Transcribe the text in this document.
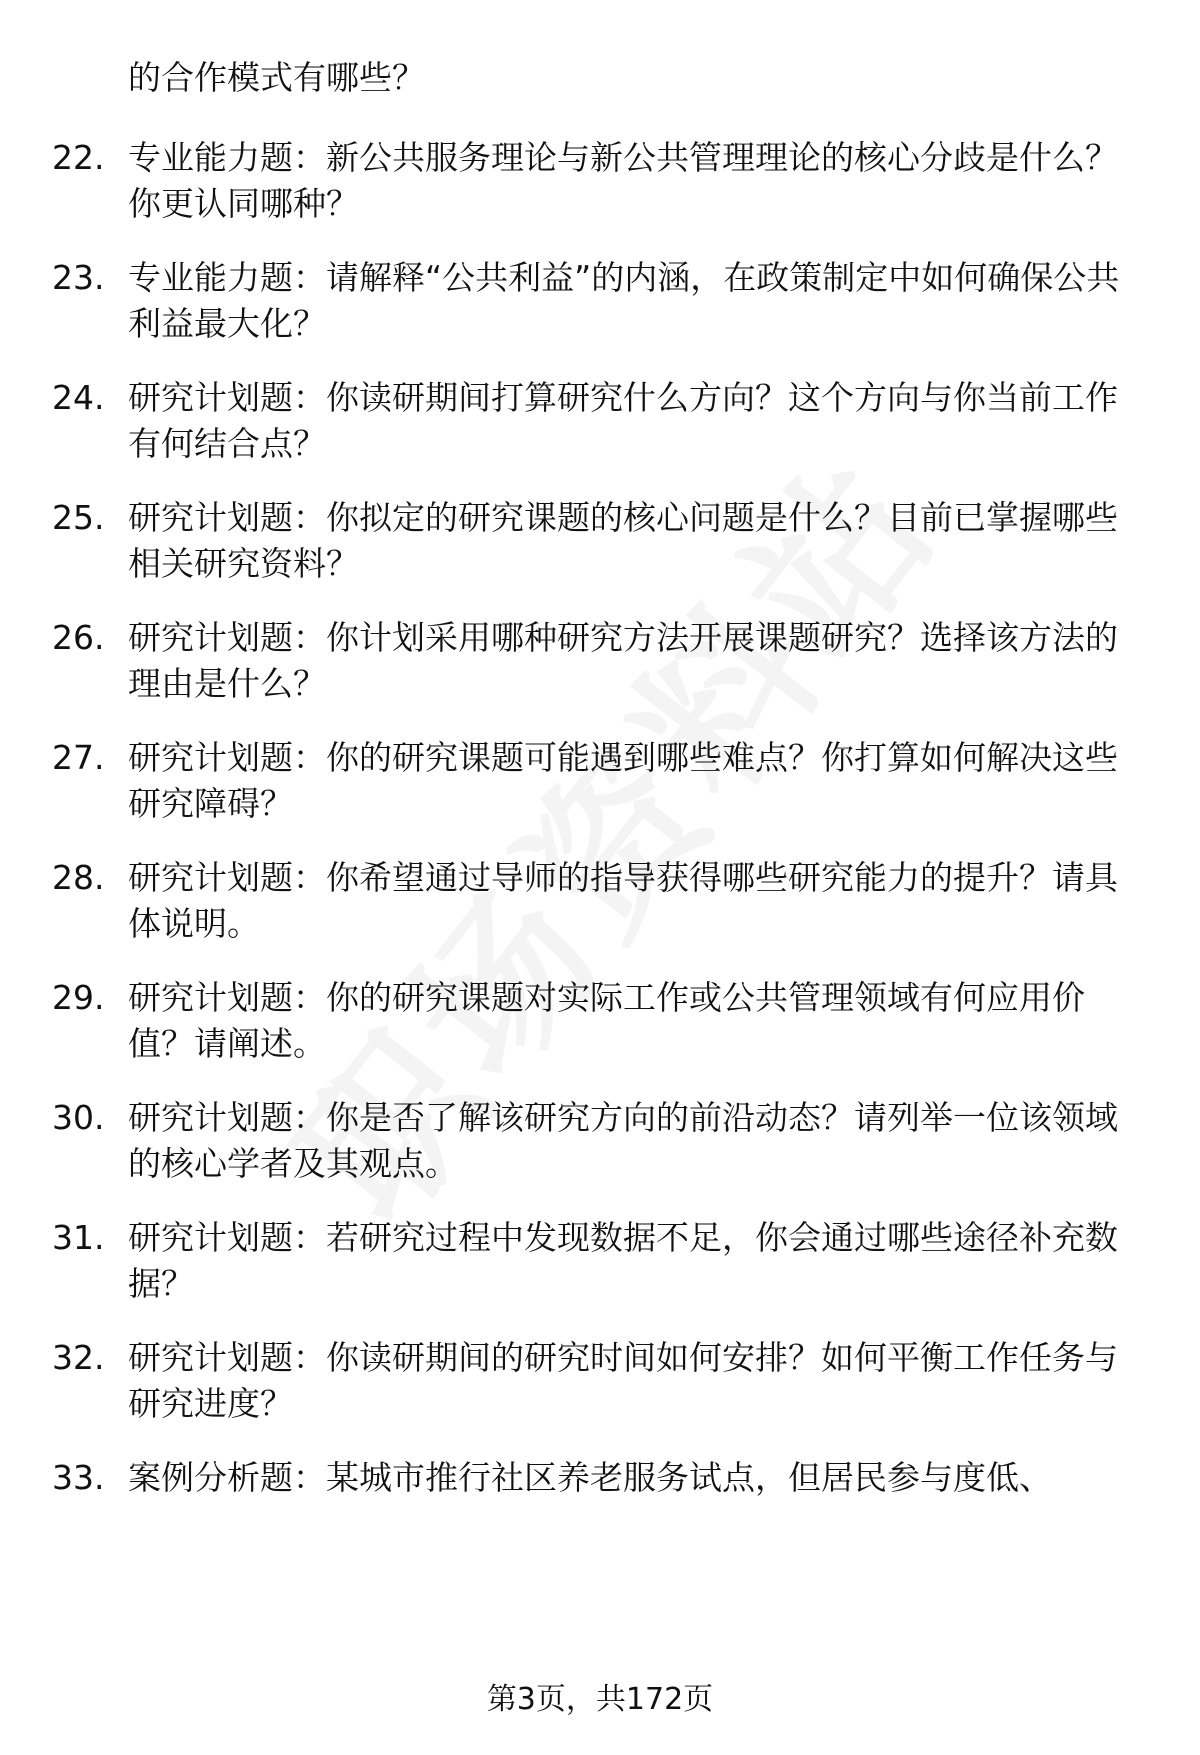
的合作模式有哪些？

22. 专业能力题：新公共服务理论与新公共管理理论的核心分歧是什么？你更认同哪种？
23. 专业能力题：请解释“公共利益”的内涵，在政策制定中如何确保公共利益最大化？
24. 研究计划题：你读研期间打算研究什么方向？这个方向与你当前工作有何结合点？
25. 研究计划题：你拟定的研究课题的核心问题是什么？目前已掌握哪些相关研究资料？
26. 研究计划题：你计划采用哪种研究方法开展课题研究？选择该方法的理由是什么？
27. 研究计划题：你的研究课题可能遇到哪些难点？你打算如何解决这些研究障碍？
28. 研究计划题：你希望通过导师的指导获得哪些研究能力的提升？请具体说明。
29. 研究计划题：你的研究课题对实际工作或公共管理领域有何应用价值？请阐述。
30. 研究计划题：你是否了解该研究方向的前沿动态？请列举一位该领域的核心学者及其观点。
31. 研究计划题：若研究过程中发现数据不足，你会通过哪些途径补充数据？
32. 研究计划题：你读研期间的研究时间如何安排？如何平衡工作任务与研究进度？
33. 案例分析题：某城市推行社区养老服务试点，但居民参与度低、
第3页，共172页
